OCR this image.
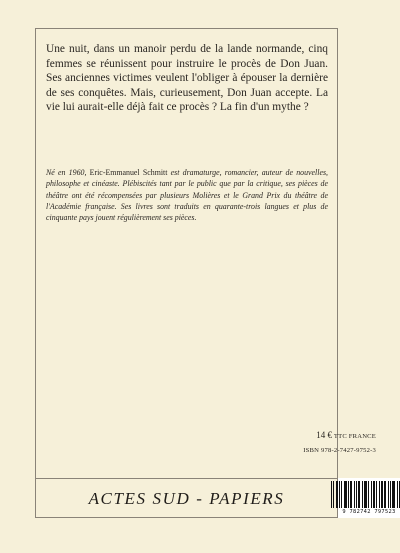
Une nuit, dans un manoir perdu de la lande normande, cinq femmes se réunissent pour instruire le procès de Don Juan. Ses anciennes victimes veulent l'obliger à épouser la dernière de ses conquêtes. Mais, curieusement, Don Juan accepte. La vie lui aurait-elle déjà fait ce procès ? La fin d'un mythe ?

Né en 1960, Eric-Emmanuel Schmitt est dramaturge, romancier, auteur de nouvelles, philosophe et cinéaste. Plébiscités tant par le public que par la critique, ses pièces de théâtre ont été récompensées par plusieurs Molières et le Grand Prix du théâtre de l'Académie française. Ses livres sont traduits en quarante-trois langues et plus de cinquante pays jouent régulièrement ses pièces.

14 € TTC FRANCE
ISBN 978-2-7427-9752-3
ACTES SUD - PAPIERS
9 782742 797523
